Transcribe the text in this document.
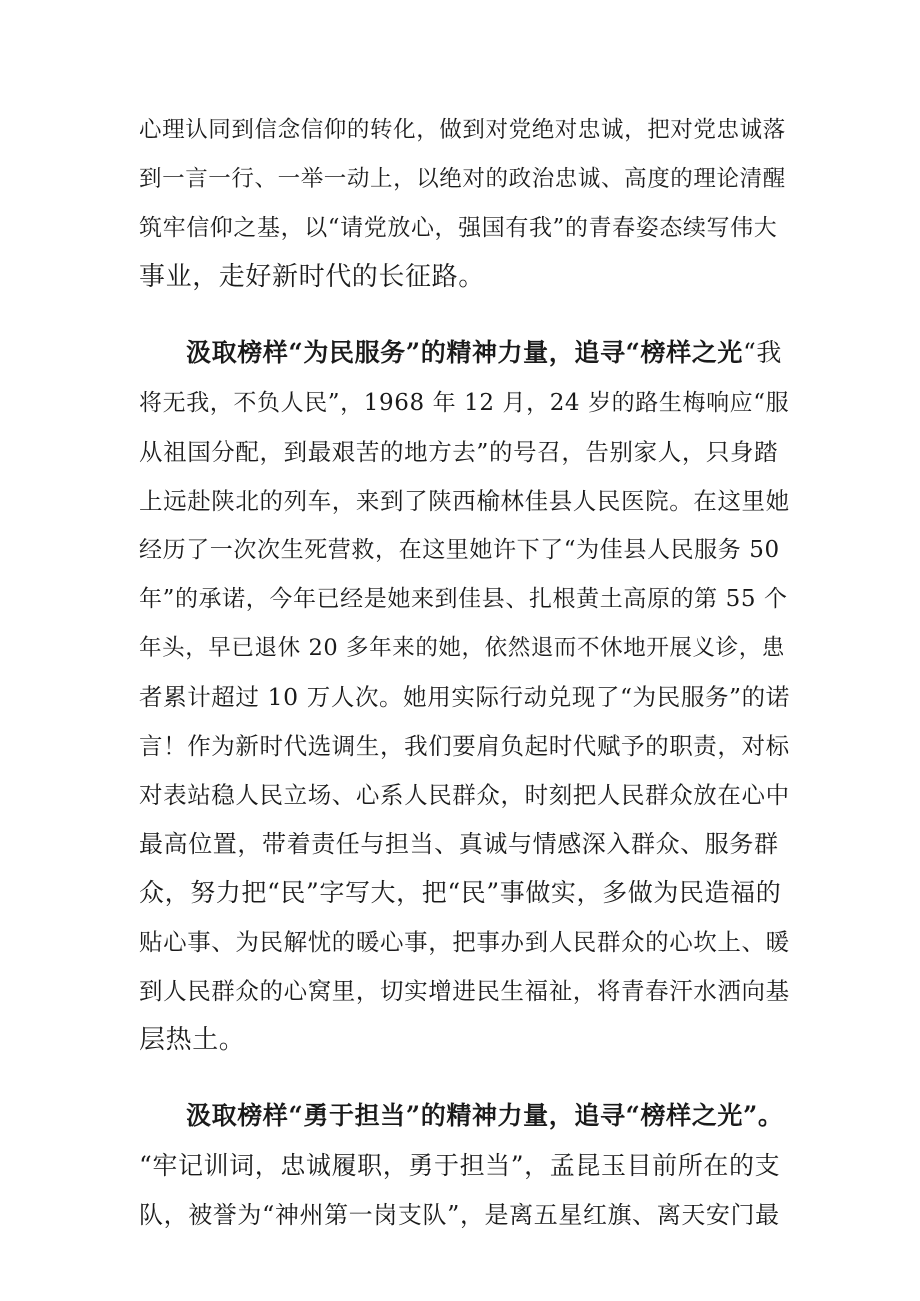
心理认同到信念信仰的转化，做到对党绝对忠诚，把对党忠诚落
到一言一行、一举一动上，以绝对的政治忠诚、高度的理论清醒
筑牢信仰之基，以“请党放心，强国有我”的青春姿态续写伟大
事业，走好新时代的长征路。
汲取榜样“为民服务”的精神力量，追寻“榜样之光“我
将无我，不负人民”，1968 年 12 月，24 岁的路生梅响应“服
从祖国分配，到最艰苦的地方去”的号召，告别家人，只身踏
上远赴陕北的列车，来到了陕西榆林佳县人民医院。在这里她
经历了一次次生死营救，在这里她许下了“为佳县人民服务 50
年”的承诺，今年已经是她来到佳县、扎根黄土高原的第 55 个
年头，早已退休 20 多年来的她，依然退而不休地开展义诊，患
者累计超过 10 万人次。她用实际行动兑现了“为民服务”的诺
言！作为新时代选调生，我们要肩负起时代赋予的职责，对标
对表站稳人民立场、心系人民群众，时刻把人民群众放在心中
最高位置，带着责任与担当、真诚与情感深入群众、服务群
众，努力把“民”字写大，把“民”事做实，多做为民造福的
贴心事、为民解忧的暖心事，把事办到人民群众的心坎上、暖
到人民群众的心窝里，切实增进民生福祉，将青春汗水洒向基
层热土。
汲取榜样“勇于担当”的精神力量，追寻“榜样之光”。
“牢记训词，忠诚履职，勇于担当”，孟昆玉目前所在的支
队，被誉为“神州第一岗支队”，是离五星红旗、离天安门最
